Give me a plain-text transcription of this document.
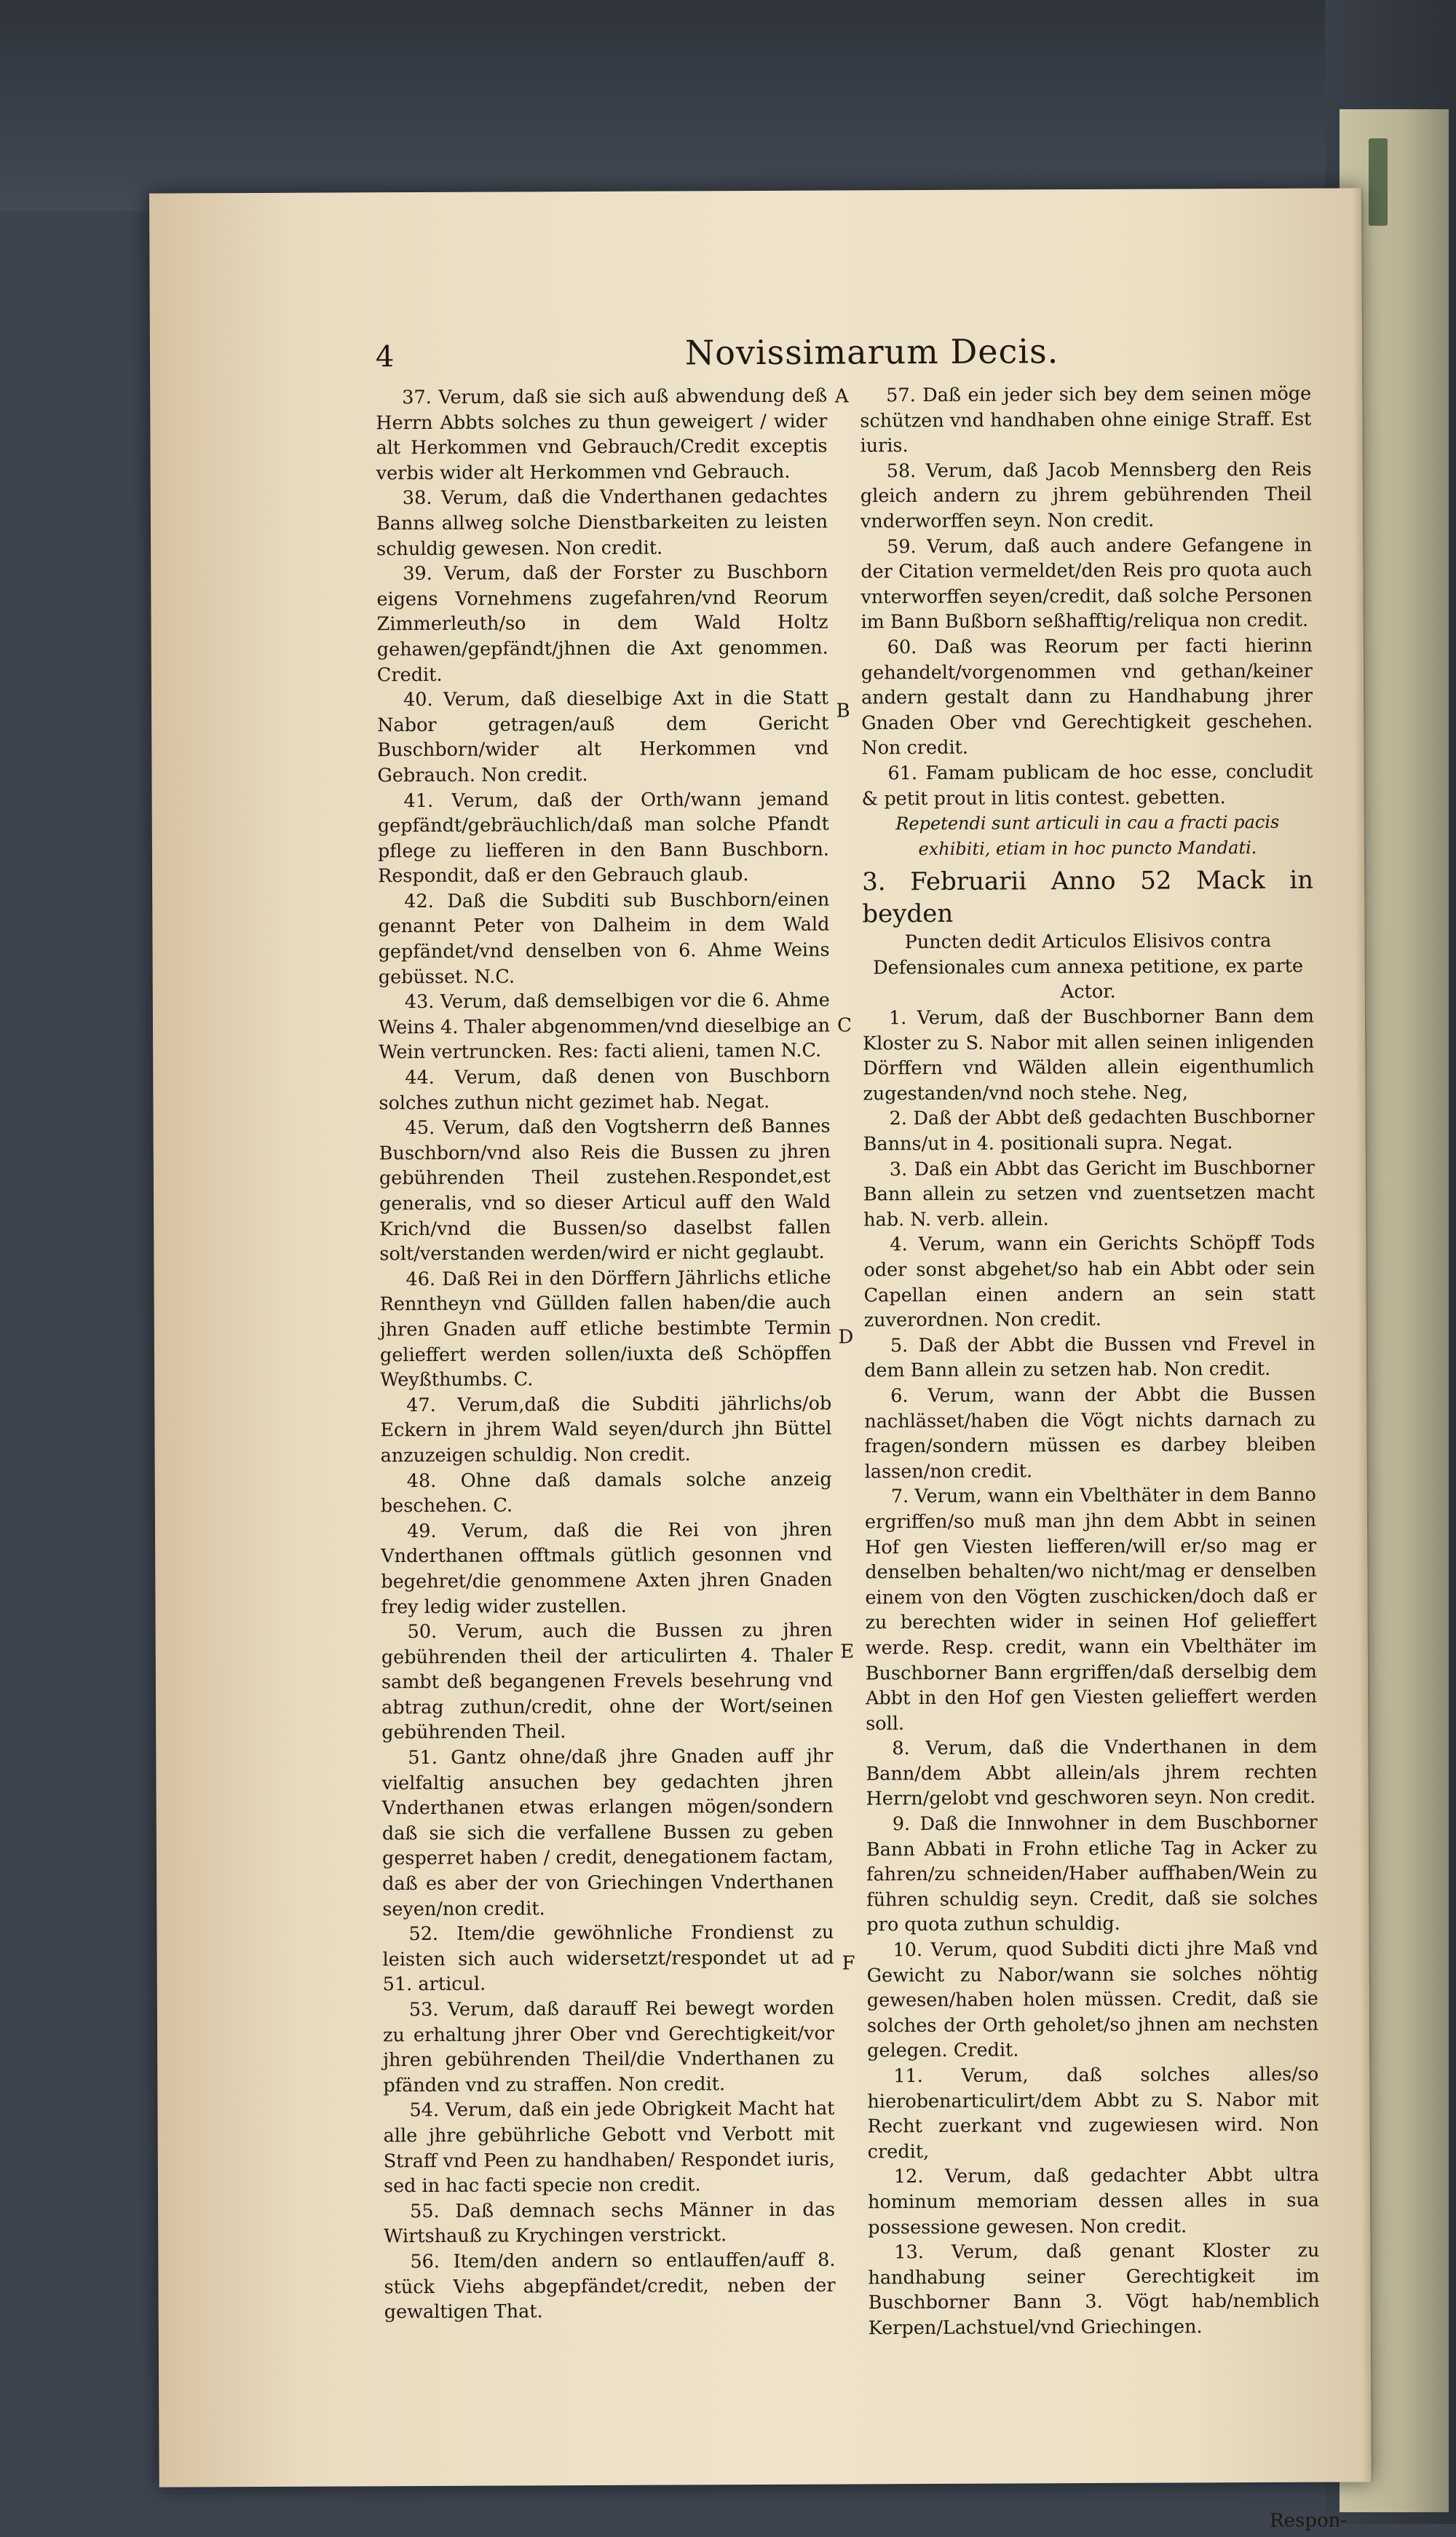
4	Novissimarum Decis.

37. Verum, daß sie sich auß abwendung deß Herrn Abbts solches zu thun geweigert / wider alt Herkommen vnd Gebrauch/Credit exceptis verbis wider alt Herkommen vnd Gebrauch.

38. Verum, daß die Vnderthanen gedachtes Banns allweg solche Dienstbarkeiten zu leisten schuldig gewesen. Non credit.

39. Verum, daß der Forster zu Buschborn eigens Vornehmens zugefahren/vnd Reorum Zimmerleuth/so in dem Wald Holtz gehawen/gepfändt/jhnen die Axt genommen. Credit.

40. Verum, daß dieselbige Axt in die Statt Nabor getragen/auß dem Gericht Buschborn/wider alt Herkommen vnd Gebrauch. Non credit.

41. Verum, daß der Orth/wann jemand gepfändt/gebräuchlich/daß man solche Pfandt pflege zu liefferen in den Bann Buschborn. Respondit, daß er den Gebrauch glaub.

42. Daß die Subditi sub Buschborn/einen genannt Peter von Dalheim in dem Wald gepfändet/vnd denselben von 6. Ahme Weins gebüsset. N.C.

43. Verum, daß demselbigen vor die 6. Ahme Weins 4. Thaler abgenommen/vnd dieselbige an Wein vertruncken. Res: facti alieni, tamen N.C.

44. Verum, daß denen von Buschborn solches zuthun nicht gezimet hab. Negat.

45. Verum, daß den Vogtsherrn deß Bannes Buschborn/vnd also Reis die Bussen zu jhren gebührenden Theil zustehen.Respondet,est generalis, vnd so dieser Articul auff den Wald Krich/vnd die Bussen/so daselbst fallen solt/verstanden werden/wird er nicht geglaubt.

46. Daß Rei in den Dörffern Jährlichs etliche Renntheyn vnd Güllden fallen haben/die auch jhren Gnaden auff etliche bestimbte Termin gelieffert werden sollen/iuxta deß Schöpffen Weyßthumbs. C.

47. Verum,daß die Subditi jährlichs/ob Eckern in jhrem Wald seyen/durch jhn Büttel anzuzeigen schuldig. Non credit.

48. Ohne daß damals solche anzeig beschehen. C.

49. Verum, daß die Rei von jhren Vnderthanen offtmals gütlich gesonnen vnd begehret/die genommene Axten jhren Gnaden frey ledig wider zustellen.

50. Verum, auch die Bussen zu jhren gebührenden theil der articulirten 4. Thaler sambt deß begangenen Frevels besehrung vnd abtrag zuthun/credit, ohne der Wort/seinen gebührenden Theil.

51. Gantz ohne/daß jhre Gnaden auff jhr vielfaltig ansuchen bey gedachten jhren Vnderthanen etwas erlangen mögen/sondern daß sie sich die verfallene Bussen zu geben gesperret haben / credit, denegationem factam, daß es aber der von Griechingen Vnderthanen seyen/non credit.

52. Item/die gewöhnliche Frondienst zu leisten sich auch widersetzt/respondet ut ad 51. articul.

53. Verum, daß darauff Rei bewegt worden zu erhaltung jhrer Ober vnd Gerechtigkeit/vor jhren gebührenden Theil/die Vnderthanen zu pfänden vnd zu straffen. Non credit.

54. Verum, daß ein jede Obrigkeit Macht hat alle jhre gebührliche Gebott vnd Verbott mit Straff vnd Peen zu handhaben/ Respondet iuris, sed in hac facti specie non credit.

55. Daß demnach sechs Männer in das Wirtshauß zu Krychingen verstrickt.

56. Item/den andern so entlauffen/auff 8. stück Viehs abgepfändet/credit, neben der gewaltigen That.

A
B
C
D
E
F

57. Daß ein jeder sich bey dem seinen möge schützen vnd handhaben ohne einige Straff. Est iuris.

58. Verum, daß Jacob Mennsberg den Reis gleich andern zu jhrem gebührenden Theil vnderworffen seyn. Non credit.

59. Verum, daß auch andere Gefangene in der Citation vermeldet/den Reis pro quota auch vnterworffen seyen/credit, daß solche Personen im Bann Bußborn seßhafftig/reliqua non credit.

60. Daß was Reorum per facti hierinn gehandelt/vorgenommen vnd gethan/keiner andern gestalt dann zu Handhabung jhrer Gnaden Ober vnd Gerechtigkeit geschehen. Non credit.

61. Famam publicam de hoc esse, concludit & petit prout in litis contest. gebetten.

Repetendi sunt articuli in cau a fracti pacis exhibiti, etiam in hoc puncto Mandati.

3. Februarii Anno 52 Mack in beyden

Puncten dedit Articulos Elisivos contra Defensionales cum annexa petitione, ex parte Actor.

1. Verum, daß der Buschborner Bann dem Kloster zu S. Nabor mit allen seinen inligenden Dörffern vnd Wälden allein eigenthumlich zugestanden/vnd noch stehe. Neg,

2. Daß der Abbt deß gedachten Buschborner Banns/ut in 4. positionali supra. Negat.

3. Daß ein Abbt das Gericht im Buschborner Bann allein zu setzen vnd zuentsetzen macht hab. N. verb. allein.

4. Verum, wann ein Gerichts Schöpff Tods oder sonst abgehet/so hab ein Abbt oder sein Capellan einen andern an sein statt zuverordnen. Non credit.

5. Daß der Abbt die Bussen vnd Frevel in dem Bann allein zu setzen hab. Non credit.

6. Verum, wann der Abbt die Bussen nachlässet/haben die Vögt nichts darnach zu fragen/sondern müssen es darbey bleiben lassen/non credit.

7. Verum, wann ein Vbelthäter in dem Banno ergriffen/so muß man jhn dem Abbt in seinen Hof gen Viesten liefferen/will er/so mag er denselben behalten/wo nicht/mag er denselben einem von den Vögten zuschicken/doch daß er zu berechten wider in seinen Hof gelieffert werde. Resp. credit, wann ein Vbelthäter im Buschborner Bann ergriffen/daß derselbig dem Abbt in den Hof gen Viesten gelieffert werden soll.

8. Verum, daß die Vnderthanen in dem Bann/dem Abbt allein/als jhrem rechten Herrn/gelobt vnd geschworen seyn. Non credit.

9. Daß die Innwohner in dem Buschborner Bann Abbati in Frohn etliche Tag in Acker zu fahren/zu schneiden/Haber auffhaben/Wein zu führen schuldig seyn. Credit, daß sie solches pro quota zuthun schuldig.

10. Verum, quod Subditi dicti jhre Maß vnd Gewicht zu Nabor/wann sie solches nöhtig gewesen/haben holen müssen. Credit, daß sie solches der Orth geholet/so jhnen am nechsten gelegen. Credit.

11. Verum, daß solches alles/so hierobenarticulirt/dem Abbt zu S. Nabor mit Recht zuerkant vnd zugewiesen wird. Non credit,

12. Verum, daß gedachter Abbt ultra hominum memoriam dessen alles in sua possessione gewesen. Non credit.

13. Verum, daß genant Kloster zu handhabung seiner Gerechtigkeit im Buschborner Bann 3. Vögt hab/nemblich Kerpen/Lachstuel/vnd Griechingen.

Respon-
